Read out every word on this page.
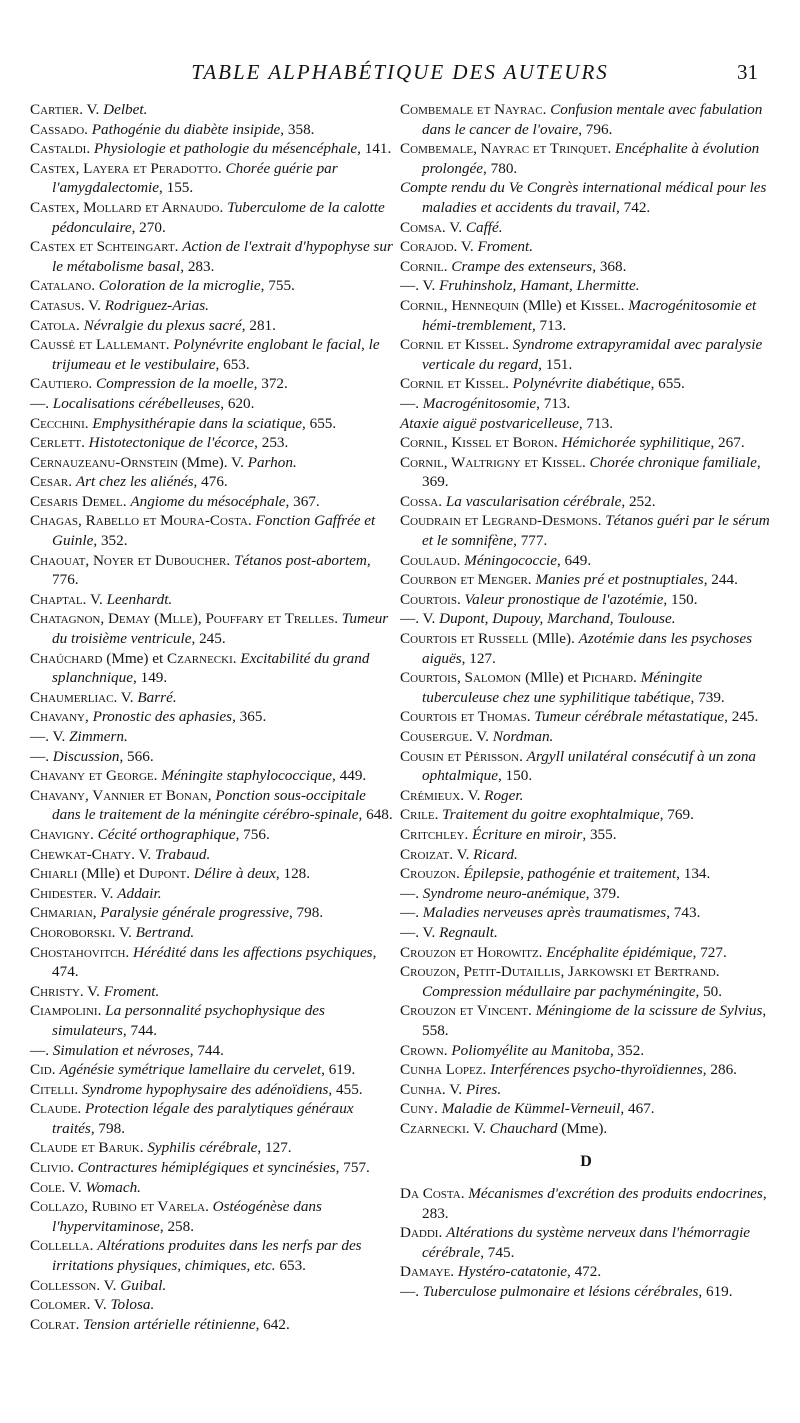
TABLE ALPHABÉTIQUE DES AUTEURS	31

Cartier. V. Delbet.

Cassado. Pathogénie du diabète insipide, 358.

Castaldi. Physiologie et pathologie du mésencéphale, 141.

Castex, Layera et Peradotto. Chorée guérie par l'amygdalectomie, 155.

Castex, Mollard et Arnaudo. Tuberculome de la calotte pédonculaire, 270.

Castex et Schteingart. Action de l'extrait d'hypophyse sur le métabolisme basal, 283.

Catalano. Coloration de la microglie, 755.

Catasus. V. Rodriguez-Arias.

Catola. Névralgie du plexus sacré, 281.

Caussé et Lallemant. Polynévrite englobant le facial, le trijumeau et le vestibulaire, 653.

Cautiero. Compression de la moelle, 372.

—. Localisations cérébelleuses, 620.

Cecchini. Emphysithérapie dans la sciatique, 655.

Cerlett. Histotectonique de l'écorce, 253.

Cernauzeanu-Ornstein (Mme). V. Parhon.

Cesar. Art chez les aliénés, 476.

Cesaris Demel. Angiome du mésocéphale, 367.

Chagas, Rabello et Moura-Costa. Fonction Gaffrée et Guinle, 352.

Chaouat, Noyer et Duboucher. Tétanos post-abortem, 776.

Chaptal. V. Leenhardt.

Chatagnon, Demay (Mlle), Pouffary et Trelles. Tumeur du troisième ventricule, 245.

Chaúchard (Mme) et Czarnecki. Excitabilité du grand splanchnique, 149.

Chaumerliac. V. Barré.

Chavany, Pronostic des aphasies, 365.

—. V. Zimmern.

—. Discussion, 566.

Chavany et George. Méningite staphylococcique, 449.

Chavany, Vannier et Bonan, Ponction sous-occipitale dans le traitement de la méningite cérébro-spinale, 648.

Chavigny. Cécité orthographique, 756.

Chewkat-Chaty. V. Trabaud.

Chiarli (Mlle) et Dupont. Délire à deux, 128.

Chidester. V. Addair.

Chmarian, Paralysie générale progressive, 798.

Choroborski. V. Bertrand.

Chostahovitch. Hérédité dans les affections psychiques, 474.

Christy. V. Froment.

Ciampolini. La personnalité psychophysique des simulateurs, 744.

—. Simulation et névroses, 744.

Cid. Agénésie symétrique lamellaire du cervelet, 619.

Citelli. Syndrome hypophysaire des adénoïdiens, 455.

Claude. Protection légale des paralytiques généraux traités, 798.

Claude et Baruk. Syphilis cérébrale, 127.

Clivio. Contractures hémiplégiques et syncinésies, 757.

Cole. V. Womach.

Collazo, Rubino et Varela. Ostéogénèse dans l'hypervitaminose, 258.

Collella. Altérations produites dans les nerfs par des irritations physiques, chimiques, etc. 653.

Collesson. V. Guibal.

Colomer. V. Tolosa.

Colrat. Tension artérielle rétinienne, 642.

Combemale et Nayrac. Confusion mentale avec fabulation dans le cancer de l'ovaire, 796.

Combemale, Nayrac et Trinquet. Encéphalite à évolution prolongée, 780.

Compte rendu du Ve Congrès international médical pour les maladies et accidents du travail, 742.

Comsa. V. Caffé.

Corajod. V. Froment.

Cornil. Crampe des extenseurs, 368.

—. V. Fruhinsholz, Hamant, Lhermitte.

Cornil, Hennequin (Mlle) et Kissel. Macrogénitosomie et hémi-tremblement, 713.

Cornil et Kissel. Syndrome extrapyramidal avec paralysie verticale du regard, 151.

Cornil et Kissel. Polynévrite diabétique, 655.

—. Macrogénitosomie, 713.

Ataxie aiguë postvaricelleuse, 713.

Cornil, Kissel et Boron. Hémichorée syphilitique, 267.

Cornil, Waltrigny et Kissel. Chorée chronique familiale, 369.

Cossa. La vascularisation cérébrale, 252.

Coudrain et Legrand-Desmons. Tétanos guéri par le sérum et le somnifène, 777.

Coulaud. Méningococcie, 649.

Courbon et Menger. Manies pré et postnuptiales, 244.

Courtois. Valeur pronostique de l'azotémie, 150.

—. V. Dupont, Dupouy, Marchand, Toulouse.

Courtois et Russell (Mlle). Azotémie dans les psychoses aiguës, 127.

Courtois, Salomon (Mlle) et Pichard. Méningite tuberculeuse chez une syphilitique tabétique, 739.

Courtois et Thomas. Tumeur cérébrale métastatique, 245.

Cousergue. V. Nordman.

Cousin et Périsson. Argyll unilatéral consécutif à un zona ophtalmique, 150.

Crémieux. V. Roger.

Crile. Traitement du goitre exophtalmique, 769.

Critchley. Écriture en miroir, 355.

Croizat. V. Ricard.

Crouzon. Épilepsie, pathogénie et traitement, 134.

—. Syndrome neuro-anémique, 379.

—. Maladies nerveuses après traumatismes, 743.

—. V. Regnault.

Crouzon et Horowitz. Encéphalite épidémique, 727.

Crouzon, Petit-Dutaillis, Jarkowski et Bertrand. Compression médullaire par pachyméningite, 50.

Crouzon et Vincent. Méningiome de la scissure de Sylvius, 558.

Crown. Poliomyélite au Manitoba, 352.

Cunha Lopez. Interférences psycho-thyroïdiennes, 286.

Cunha. V. Pires.

Cuny. Maladie de Kümmel-Verneuil, 467.

Czarnecki. V. Chauchard (Mme).

D

Da Costa. Mécanismes d'excrétion des produits endocrines, 283.

Daddi. Altérations du système nerveux dans l'hémorragie cérébrale, 745.

Damaye. Hystéro-catatonie, 472.

—. Tuberculose pulmonaire et lésions cérébrales, 619.
